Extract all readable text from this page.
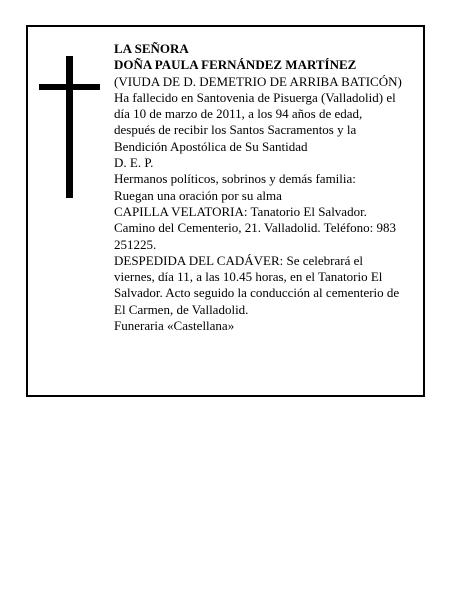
LA SEÑORA
DOÑA PAULA FERNÁNDEZ MARTÍNEZ
(VIUDA DE D. DEMETRIO DE ARRIBA BATICÓN)
Ha fallecido en Santovenia de Pisuerga (Valladolid) el
día 10 de marzo de 2011, a los 94 años de edad,
después de recibir los Santos Sacramentos y la
Bendición Apostólica de Su Santidad
D. E. P.
Hermanos políticos, sobrinos y demás familia:
Ruegan una oración por su alma
CAPILLA VELATORIA: Tanatorio El Salvador.
Camino del Cementerio, 21. Valladolid. Teléfono: 983
251225.
DESPEDIDA DEL CADÁVER: Se celebrará el
viernes, día 11, a las 10.45 horas, en el Tanatorio El
Salvador. Acto seguido la conducción al cementerio de
El Carmen, de Valladolid.
Funeraria «Castellana»
